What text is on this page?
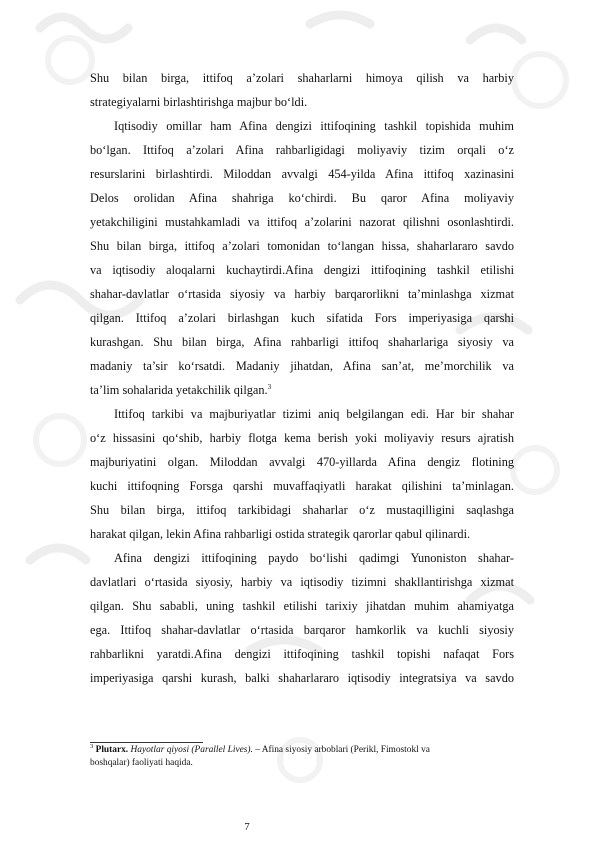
Shu bilan birga, ittifoq a’zolari shaharlarni himoya qilish va harbiy

strategiyalarni birlashtirishga majbur bo‘ldi.

Iqtisodiy omillar ham Afina dengizi ittifoqining tashkil topishida muhim

bo‘lgan. Ittifoq a’zolari Afina rahbarligidagi moliyaviy tizim orqali o‘z

resurslarini birlashtirdi. Miloddan avvalgi 454-yilda Afina ittifoq xazinasini

Delos orolidan Afina shahriga ko‘chirdi. Bu qaror Afina moliyaviy

yetakchiligini mustahkamladi va ittifoq a’zolarini nazorat qilishni osonlashtirdi.

Shu bilan birga, ittifoq a’zolari tomonidan to‘langan hissa, shaharlararo savdo

va iqtisodiy aloqalarni kuchaytirdi.Afina dengizi ittifoqining tashkil etilishi

shahar-davlatlar o‘rtasida siyosiy va harbiy barqarorlikni ta’minlashga xizmat

qilgan. Ittifoq a’zolari birlashgan kuch sifatida Fors imperiyasiga qarshi

kurashgan. Shu bilan birga, Afina rahbarligi ittifoq shaharlariga siyosiy va

madaniy ta’sir ko‘rsatdi. Madaniy jihatdan, Afina san’at, me’morchilik va

ta’lim sohalarida yetakchilik qilgan.$^3$

Ittifoq tarkibi va majburiyatlar tizimi aniq belgilangan edi. Har bir shahar

o‘z hissasini qo‘shib, harbiy flotga kema berish yoki moliyaviy resurs ajratish

majburiyatini olgan. Miloddan avvalgi 470-yillarda Afina dengiz flotining

kuchi ittifoqning Forsga qarshi muvaffaqiyatli harakat qilishini ta’minlagan.

Shu bilan birga, ittifoq tarkibidagi shaharlar o‘z mustaqilligini saqlashga

harakat qilgan, lekin Afina rahbarligi ostida strategik qarorlar qabul qilinardi.

Afina dengizi ittifoqining paydo bo‘lishi qadimgi Yunoniston shahar-

davlatlari o‘rtasida siyosiy, harbiy va iqtisodiy tizimni shakllantirishga xizmat

qilgan. Shu sababli, uning tashkil etilishi tarixiy jihatdan muhim ahamiyatga

ega. Ittifoq shahar-davlatlar o‘rtasida barqaror hamkorlik va kuchli siyosiy

rahbarlikni yaratdi.Afina dengizi ittifoqining tashkil topishi nafaqat Fors

imperiyasiga qarshi kurash, balki shaharlararo iqtisodiy integratsiya va savdo

$^3$ Plutarx. Hayotlar qiyosi (Parallel Lives). – Afina siyosiy arboblari (Perikl, Fimostokl va
boshqalar) faoliyati haqida.
7
